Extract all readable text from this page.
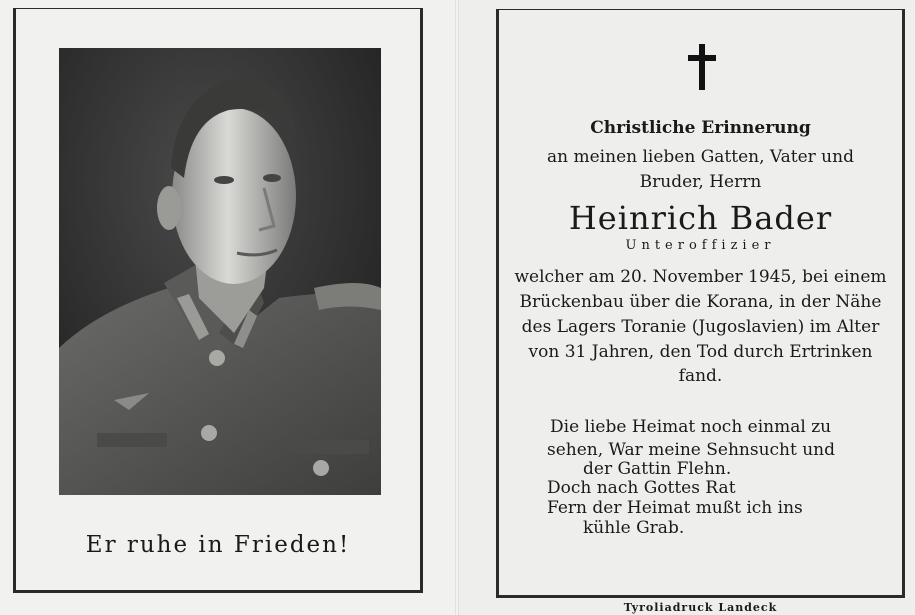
Er ruhe in Frieden!
Christliche Erinnerung
an meinen lieben Gatten, Vater und
Bruder, Herrn
Heinrich Bader
Unteroffizier
welcher am 20. November 1945, bei einem
Brückenbau über die Korana, in der Nähe
des Lagers Toranie (Jugoslavien) im Alter
von 31 Jahren, den Tod durch Ertrinken
fand.
Die liebe Heimat noch einmal zu
sehen, War meine Sehnsucht und
der Gattin Flehn.
Doch nach Gottes Rat
Fern der Heimat mußt ich ins
kühle Grab.
Tyroliadruck Landeck
